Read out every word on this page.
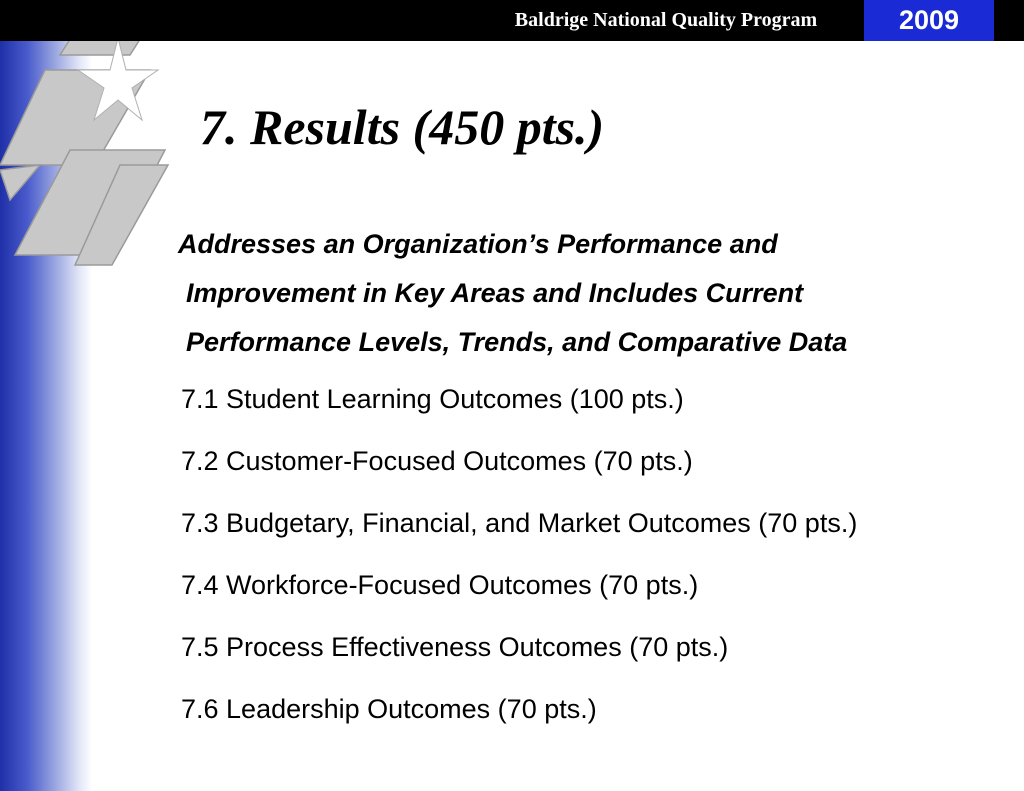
Baldrige National Quality Program	2009
7. Results (450 pts.)
Addresses an Organization’s Performance and
Improvement in Key Areas and Includes Current
Performance Levels, Trends, and Comparative Data
7.1 Student Learning Outcomes (100 pts.)
7.2 Customer-Focused Outcomes (70 pts.)
7.3 Budgetary, Financial, and Market Outcomes (70 pts.)
7.4 Workforce-Focused Outcomes (70 pts.)
7.5 Process Effectiveness Outcomes (70 pts.)
7.6 Leadership Outcomes (70 pts.)
